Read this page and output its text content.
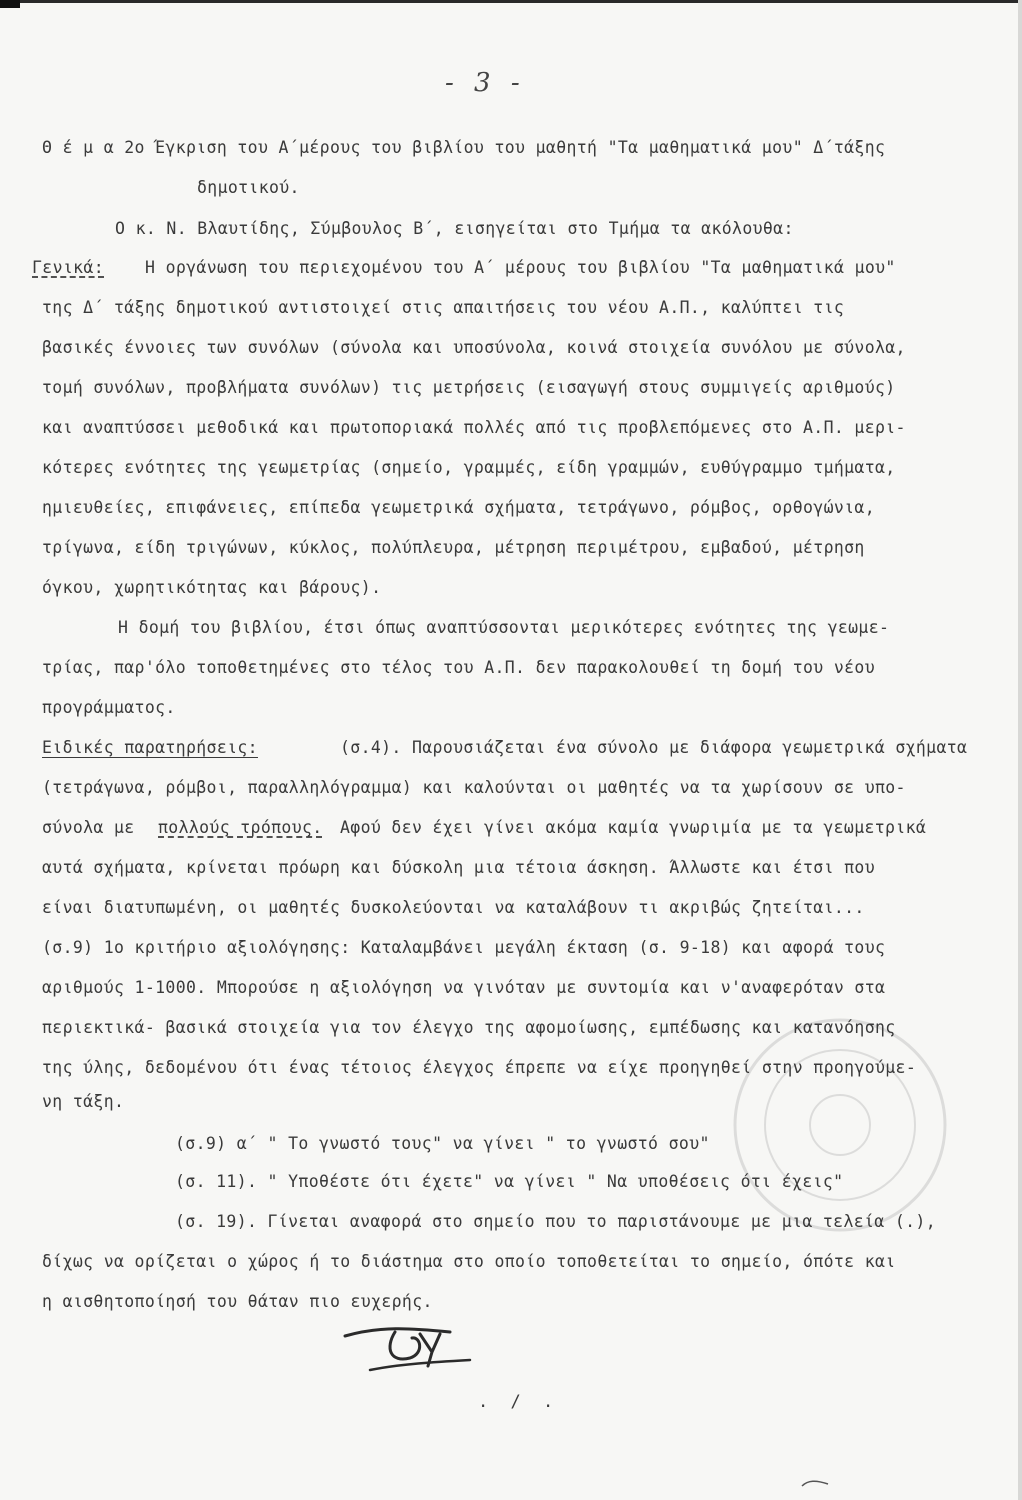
- 3 -
Θ έ μ α 2ο Έγκριση του Α΄μέρους του βιβλίου του μαθητή "Τα μαθηματικά μου" Δ΄τάξης
δημοτικού.
Ο κ. Ν. Βλαυτίδης, Σύμβουλος Β΄, εισηγείται στο Τμήμα τα ακόλουθα:
Γενικά: Η οργάνωση του περιεχομένου του Α΄ μέρους του βιβλίου "Τα μαθηματικά μου"
της Δ΄ τάξης δημοτικού αντιστοιχεί στις απαιτήσεις του νέου Α.Π., καλύπτει τις
βασικές έννοιες των συνόλων (σύνολα και υποσύνολα, κοινά στοιχεία συνόλου με σύνολα,
τομή συνόλων, προβλήματα συνόλων) τις μετρήσεις (εισαγωγή στους συμμιγείς αριθμούς)
και αναπτύσσει μεθοδικά και πρωτοποριακά πολλές από τις προβλεπόμενες στο Α.Π. μερι-
κότερες ενότητες της γεωμετρίας (σημείο, γραμμές, είδη γραμμών, ευθύγραμμο τμήματα,
ημιευθείες, επιφάνειες, επίπεδα γεωμετρικά σχήματα, τετράγωνο, ρόμβος, ορθογώνια,
τρίγωνα, είδη τριγώνων, κύκλος, πολύπλευρα, μέτρηση περιμέτρου, εμβαδού, μέτρηση
όγκου, χωρητικότητας και βάρους).
Η δομή του βιβλίου, έτσι όπως αναπτύσσονται μερικότερες ενότητες της γεωμε-
τρίας, παρ'όλο τοποθετημένες στο τέλος του Α.Π. δεν παρακολουθεί τη δομή του νέου
προγράμματος.
Ειδικές παρατηρήσεις:	(σ.4). Παρουσιάζεται ένα σύνολο με διάφορα γεωμετρικά σχήματα
(τετράγωνα, ρόμβοι, παραλληλόγραμμα) και καλούνται οι μαθητές να τα χωρίσουν σε υπο-
σύνολα με πολλούς τρόπους. Αφού δεν έχει γίνει ακόμα καμία γνωριμία με τα γεωμετρικά
αυτά σχήματα, κρίνεται πρόωρη και δύσκολη μια τέτοια άσκηση. Άλλωστε και έτσι που
είναι διατυπωμένη, οι μαθητές δυσκολεύονται να καταλάβουν τι ακριβώς ζητείται...
(σ.9) 1ο κριτήριο αξιολόγησης: Καταλαμβάνει μεγάλη έκταση (σ. 9-18) και αφορά τους
αριθμούς 1-1000. Μπορούσε η αξιολόγηση να γινόταν με συντομία και ν'αναφερόταν στα
περιεκτικά- βασικά στοιχεία για τον έλεγχο της αφομοίωσης, εμπέδωσης και κατανόησης
της ύλης, δεδομένου ότι ένας τέτοιος έλεγχος έπρεπε να είχε προηγηθεί στην προηγούμε-
νη τάξη.
(σ.9) α΄ " Το γνωστό τους" να γίνει " το γνωστό σου"
(σ. 11). " Υποθέστε ότι έχετε" να γίνει " Να υποθέσεις ότι έχεις"
(σ. 19). Γίνεται αναφορά στο σημείο που το παριστάνουμε με μια τελεία (.),
δίχως να ορίζεται ο χώρος ή το διάστημα στο οποίο τοποθετείται το σημείο, όπότε και
η αισθητοποίησή του θάταν πιο ευχερής.
. / .
